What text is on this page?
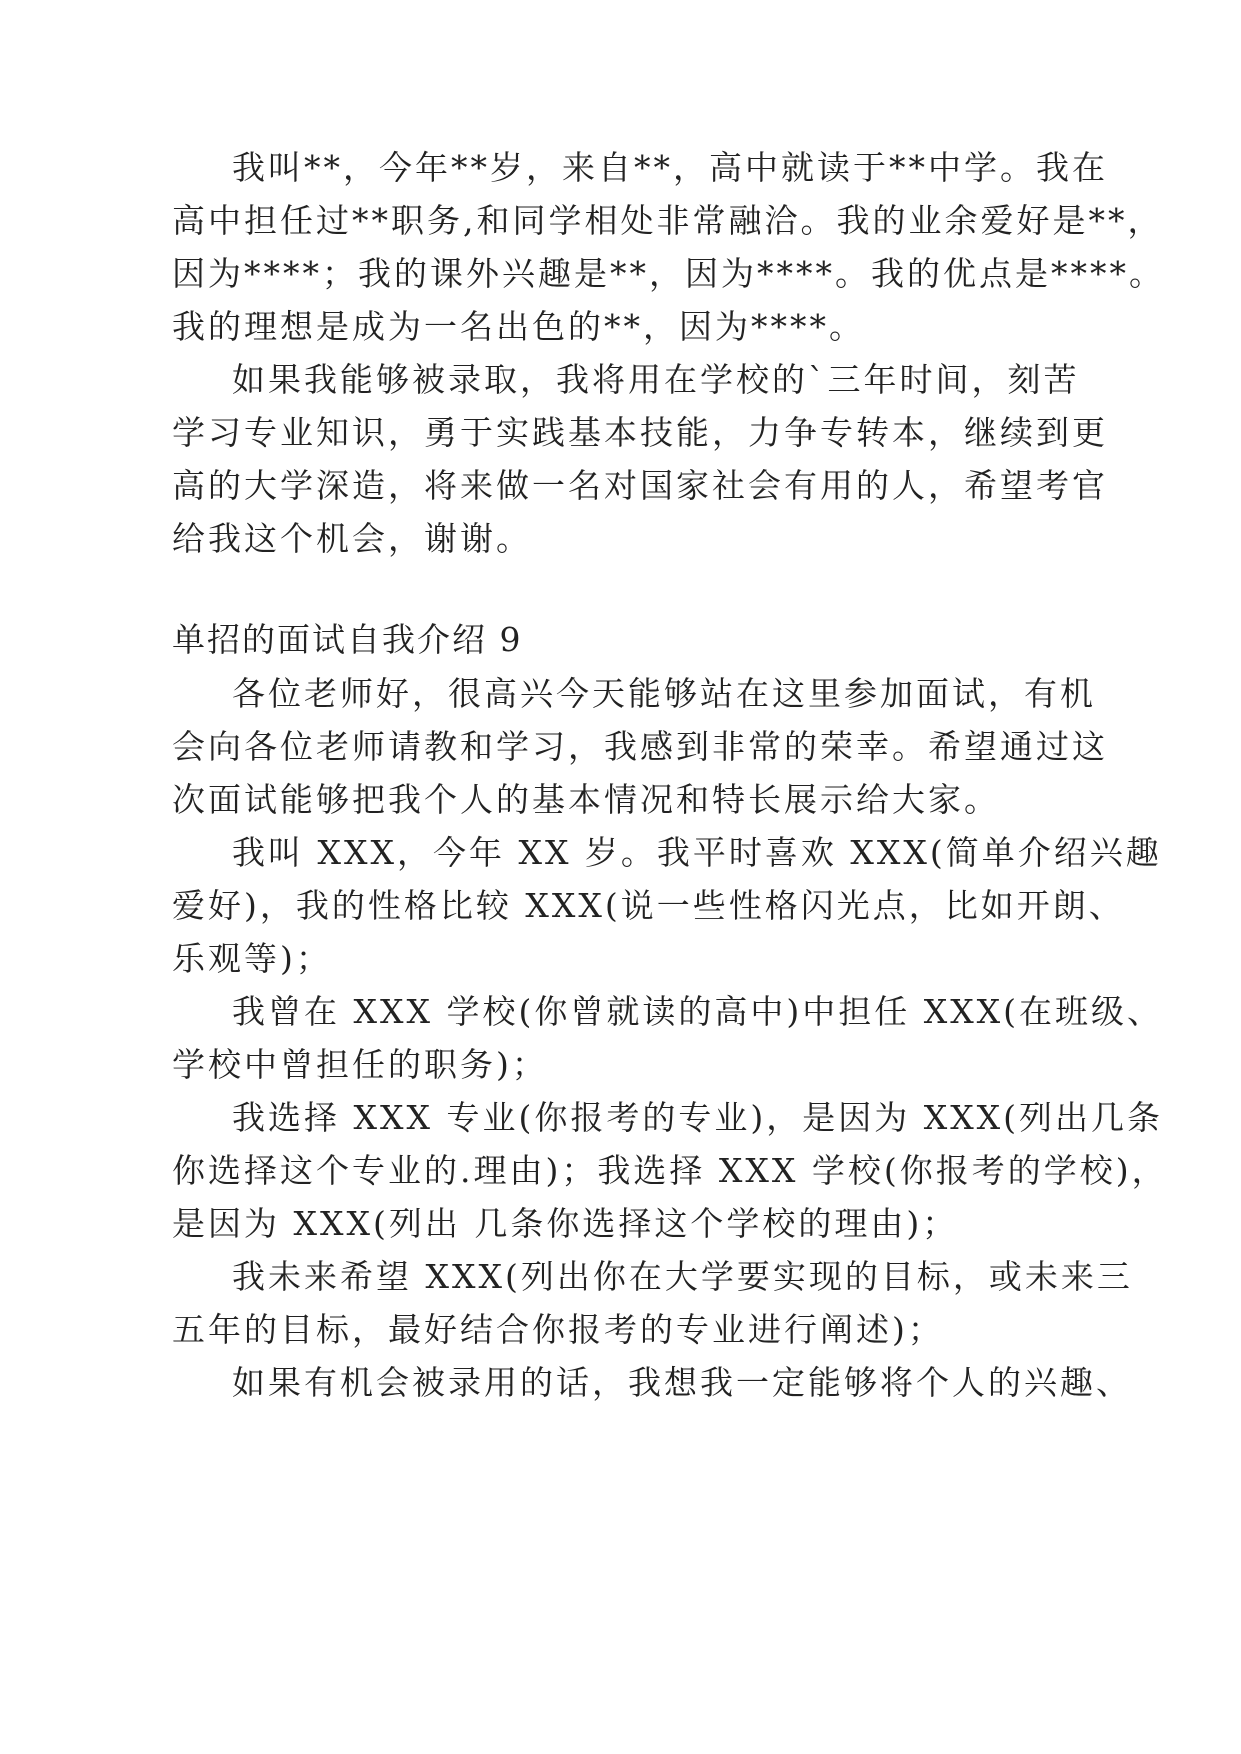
我叫**，今年**岁，来自**，高中就读于**中学。我在
高中担任过**职务,和同学相处非常融洽。我的业余爱好是**，
因为****；我的课外兴趣是**，因为****。我的优点是****。
我的理想是成为一名出色的**，因为****。
如果我能够被录取，我将用在学校的`三年时间，刻苦
学习专业知识，勇于实践基本技能，力争专转本，继续到更
高的大学深造，将来做一名对国家社会有用的人，希望考官
给我这个机会，谢谢。
单招的面试自我介绍 9
各位老师好，很高兴今天能够站在这里参加面试，有机
会向各位老师请教和学习，我感到非常的荣幸。希望通过这
次面试能够把我个人的基本情况和特长展示给大家。
我叫 XXX，今年 XX 岁。我平时喜欢 XXX(简单介绍兴趣
爱好)，我的性格比较 XXX(说一些性格闪光点，比如开朗、
乐观等)；
我曾在 XXX 学校(你曾就读的高中)中担任 XXX(在班级、
学校中曾担任的职务)；
我选择 XXX 专业(你报考的专业)，是因为 XXX(列出几条
你选择这个专业的.理由)；我选择 XXX 学校(你报考的学校)，
是因为 XXX(列出 几条你选择这个学校的理由)；
我未来希望 XXX(列出你在大学要实现的目标，或未来三
五年的目标，最好结合你报考的专业进行阐述)；
如果有机会被录用的话，我想我一定能够将个人的兴趣、
